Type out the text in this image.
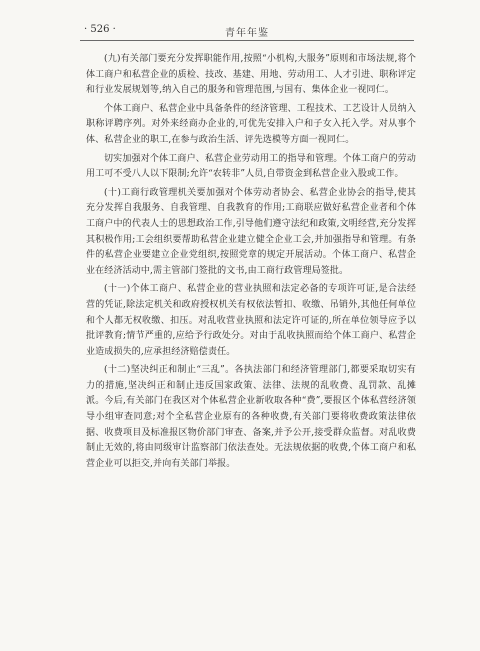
· 526 ·	青年年鉴

(九)有关部门要充分发挥职能作用,按照“小机构,大服务”原则和市场法规,将个体工商户和私营企业的质检、技改、基建、用地、劳动用工、人才引进、职称评定和行业发展规划等,纳入自己的服务和管理范围,与国有、集体企业一视同仁。

个体工商户、私营企业中具备条件的经济管理、工程技术、工艺设计人员纳入职称评聘序列。对外来经商办企业的,可优先安排入户和子女入托入学。对从事个体、私营企业的职工,在参与政治生活、评先选模等方面一视同仁。

切实加强对个体工商户、私营企业劳动用工的指导和管理。个体工商户的劳动用工可不受八人以下限制;允许“农转非”人员,自带资金到私营企业入股或工作。

(十)工商行政管理机关要加强对个体劳动者协会、私营企业协会的指导,使其充分发挥自我服务、自我管理、自我教育的作用;工商联应做好私营企业者和个体工商户中的代表人士的思想政治工作,引导他们遵守法纪和政策,文明经营,充分发挥其积极作用;工会组织要帮助私营企业建立健全企业工会,并加强指导和管理。有条件的私营企业要建立企业党组织,按照党章的规定开展活动。个体工商户、私营企业在经济活动中,需主管部门签批的文书,由工商行政管理局签批。

(十一)个体工商户、私营企业的营业执照和法定必备的专项许可证,是合法经营的凭证,除法定机关和政府授权机关有权依法暂扣、收缴、吊销外,其他任何单位和个人都无权收缴、扣压。对乱收营业执照和法定许可证的,所在单位领导应予以批评教育;情节严重的,应给予行政处分。对由于乱收执照而给个体工商户、私营企业造成损失的,应承担经济赔偿责任。

(十二)坚决纠正和制止“三乱”。各执法部门和经济管理部门,都要采取切实有力的措施,坚决纠正和制止违反国家政策、法律、法规的乱收费、乱罚款、乱摊派。今后,有关部门在我区对个体私营企业新收取各种“费”,要报区个体私营经济领导小组审查同意;对个全私营企业原有的各种收费,有关部门要将收费政策法律依据、收费项目及标准报区物价部门审查、备案,并予公开,接受群众监督。对乱收费制止无效的,将由同级审计监察部门依法查处。无法规依据的收费,个体工商户和私营企业可以拒交,并向有关部门举报。
